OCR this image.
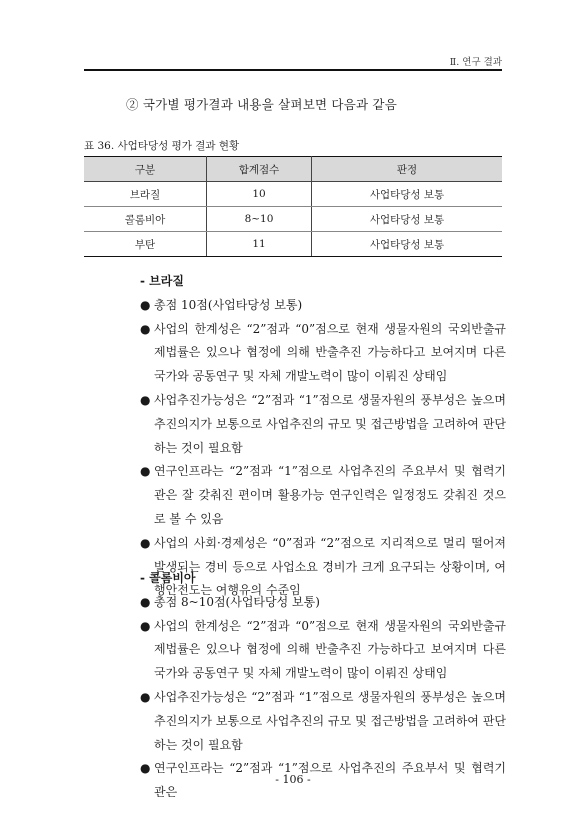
Ⅱ. 연구 결과
② 국가별 평가결과 내용을 살펴보면 다음과 같음
표 36. 사업타당성 평가 결과 현황
구분	합계점수	판정
브라질	10	사업타당성 보통
콜롬비아	8~10	사업타당성 보통
부탄	11	사업타당성 보통
- 브라질
● 총점 10점(사업타당성 보통)
● 사업의 한계성은 “2”점과 “0”점으로 현재 생물자원의 국외반출규제법률은 있으나 협정에 의해 반출추진 가능하다고 보여지며 다른 국가와 공동연구 및 자체 개발노력이 많이 이뤄진 상태임
● 사업추진가능성은 “2”점과 “1”점으로 생물자원의 풍부성은 높으며 추진의지가 보통으로 사업추진의 규모 및 접근방법을 고려하여 판단하는 것이 필요함
● 연구인프라는 “2”점과 “1”점으로 사업추진의 주요부서 및 협력기관은 잘 갖춰진 편이며 활용가능 연구인력은 일정정도 갖춰진 것으로 볼 수 있음
● 사업의 사회·경제성은 “0”점과 “2”점으로 지리적으로 멀리 떨어져 발생되는 경비 등으로 사업소요 경비가 크게 요구되는 상황이며, 여행안전도는 여행유의 수준임
- 콜롬비아
● 총점 8~10점(사업타당성 보통)
● 사업의 한계성은 “2”점과 “0”점으로 현재 생물자원의 국외반출규제법률은 있으나 협정에 의해 반출추진 가능하다고 보여지며 다른 국가와 공동연구 및 자체 개발노력이 많이 이뤄진 상태임
● 사업추진가능성은 “2”점과 “1”점으로 생물자원의 풍부성은 높으며 추진의지가 보통으로 사업추진의 규모 및 접근방법을 고려하여 판단하는 것이 필요함
● 연구인프라는 “2”점과 “1”점으로 사업추진의 주요부서 및 협력기관은
- 106 -
